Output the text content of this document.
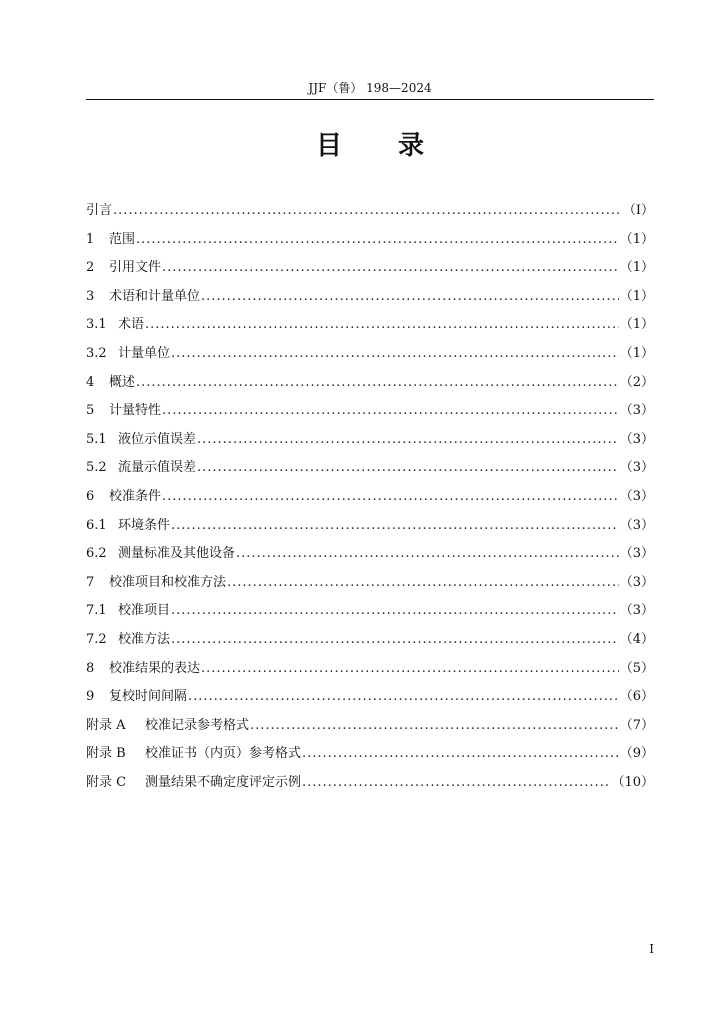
JJF（鲁） 198—2024
目 录
引言 .....	（I）
1	范围 .....	（1）
2	引用文件 .....	（1）
3	术语和计量单位 .....	（1）
3.1 术语 .....	（1）
3.2 计量单位 .....	（1）
4	概述 .....	（2）
5	计量特性 .....	（3）
5.1 液位示值误差 .....	（3）
5.2 流量示值误差 .....	（3）
6	校准条件 .....	（3）
6.1 环境条件 .....	（3）
6.2 测量标准及其他设备 .....	（3）
7	校准项目和校准方法 .....	（3）
7.1 校准项目 .....	（3）
7.2 校准方法 .....	（4）
8	校准结果的表达 .....	（5）
9	复校时间间隔 .....	（6）
附录 A	校准记录参考格式 .....	（7）
附录 B	校准证书（内页）参考格式 .....	（9）
附录 C	测量结果不确定度评定示例 .....	（10）
I
